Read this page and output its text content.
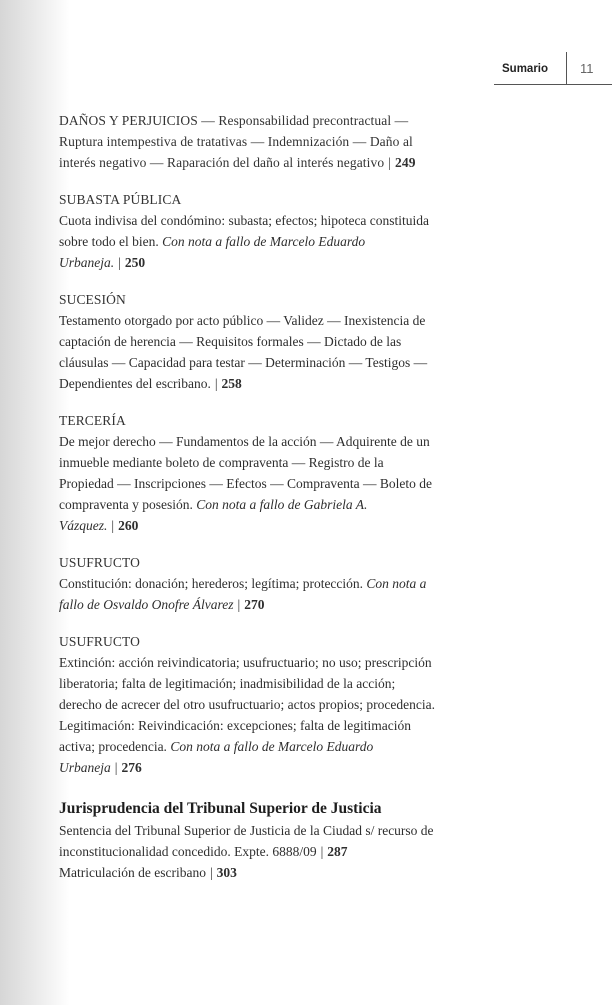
Sumario 11
DAÑOS Y PERJUICIOS — Responsabilidad precontractual — Ruptura intempestiva de tratativas — Indemnización — Daño al interés negativo — Raparación del daño al interés negativo | 249
SUBASTA PÚBLICA
Cuota indivisa del condómino: subasta; efectos; hipoteca constituida sobre todo el bien. Con nota a fallo de Marcelo Eduardo Urbaneja. | 250
SUCESIÓN
Testamento otorgado por acto público — Validez — Inexistencia de captación de herencia — Requisitos formales — Dictado de las cláusulas — Capacidad para testar — Determinación — Testigos — Dependientes del escribano. | 258
TERCERÍA
De mejor derecho — Fundamentos de la acción — Adquirente de un inmueble mediante boleto de compraventa — Registro de la Propiedad — Inscripciones — Efectos — Compraventa — Boleto de compraventa y posesión. Con nota a fallo de Gabriela A. Vázquez. | 260
USUFRUCTO
Constitución: donación; herederos; legítima; protección. Con nota a fallo de Osvaldo Onofre Álvarez | 270
USUFRUCTO
Extinción: acción reivindicatoria; usufructuario; no uso; prescripción liberatoria; falta de legitimación; inadmisibilidad de la acción; derecho de acrecer del otro usufructuario; actos propios; procedencia. Legitimación: Reivindicación: excepciones; falta de legitimación activa; procedencia. Con nota a fallo de Marcelo Eduardo Urbaneja | 276
Jurisprudencia del Tribunal Superior de Justicia
Sentencia del Tribunal Superior de Justicia de la Ciudad s/ recurso de inconstitucionalidad concedido. Expte. 6888/09 | 287
Matriculación de escribano | 303
